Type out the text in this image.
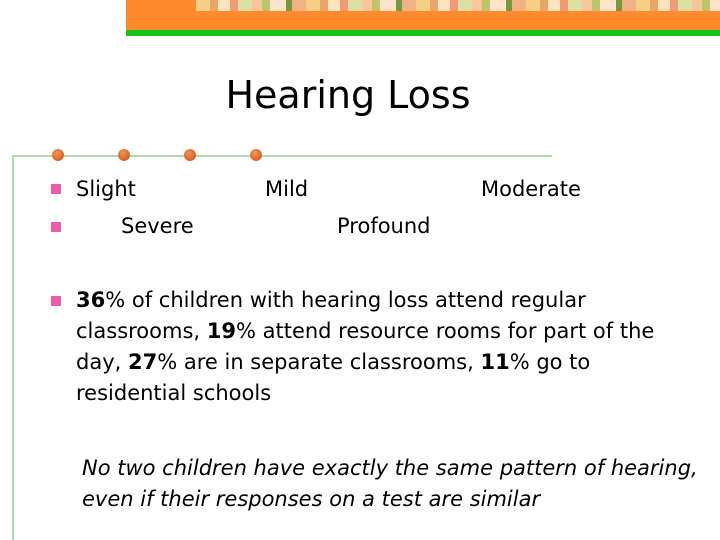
Hearing Loss
Slight	Mild	Moderate
Severe	Profound
36% of children with hearing loss attend regular classrooms, 19% attend resource rooms for part of the day, 27% are in separate classrooms, 11% go to residential schools
No two children have exactly the same pattern of hearing, even if their responses on a test are similar
